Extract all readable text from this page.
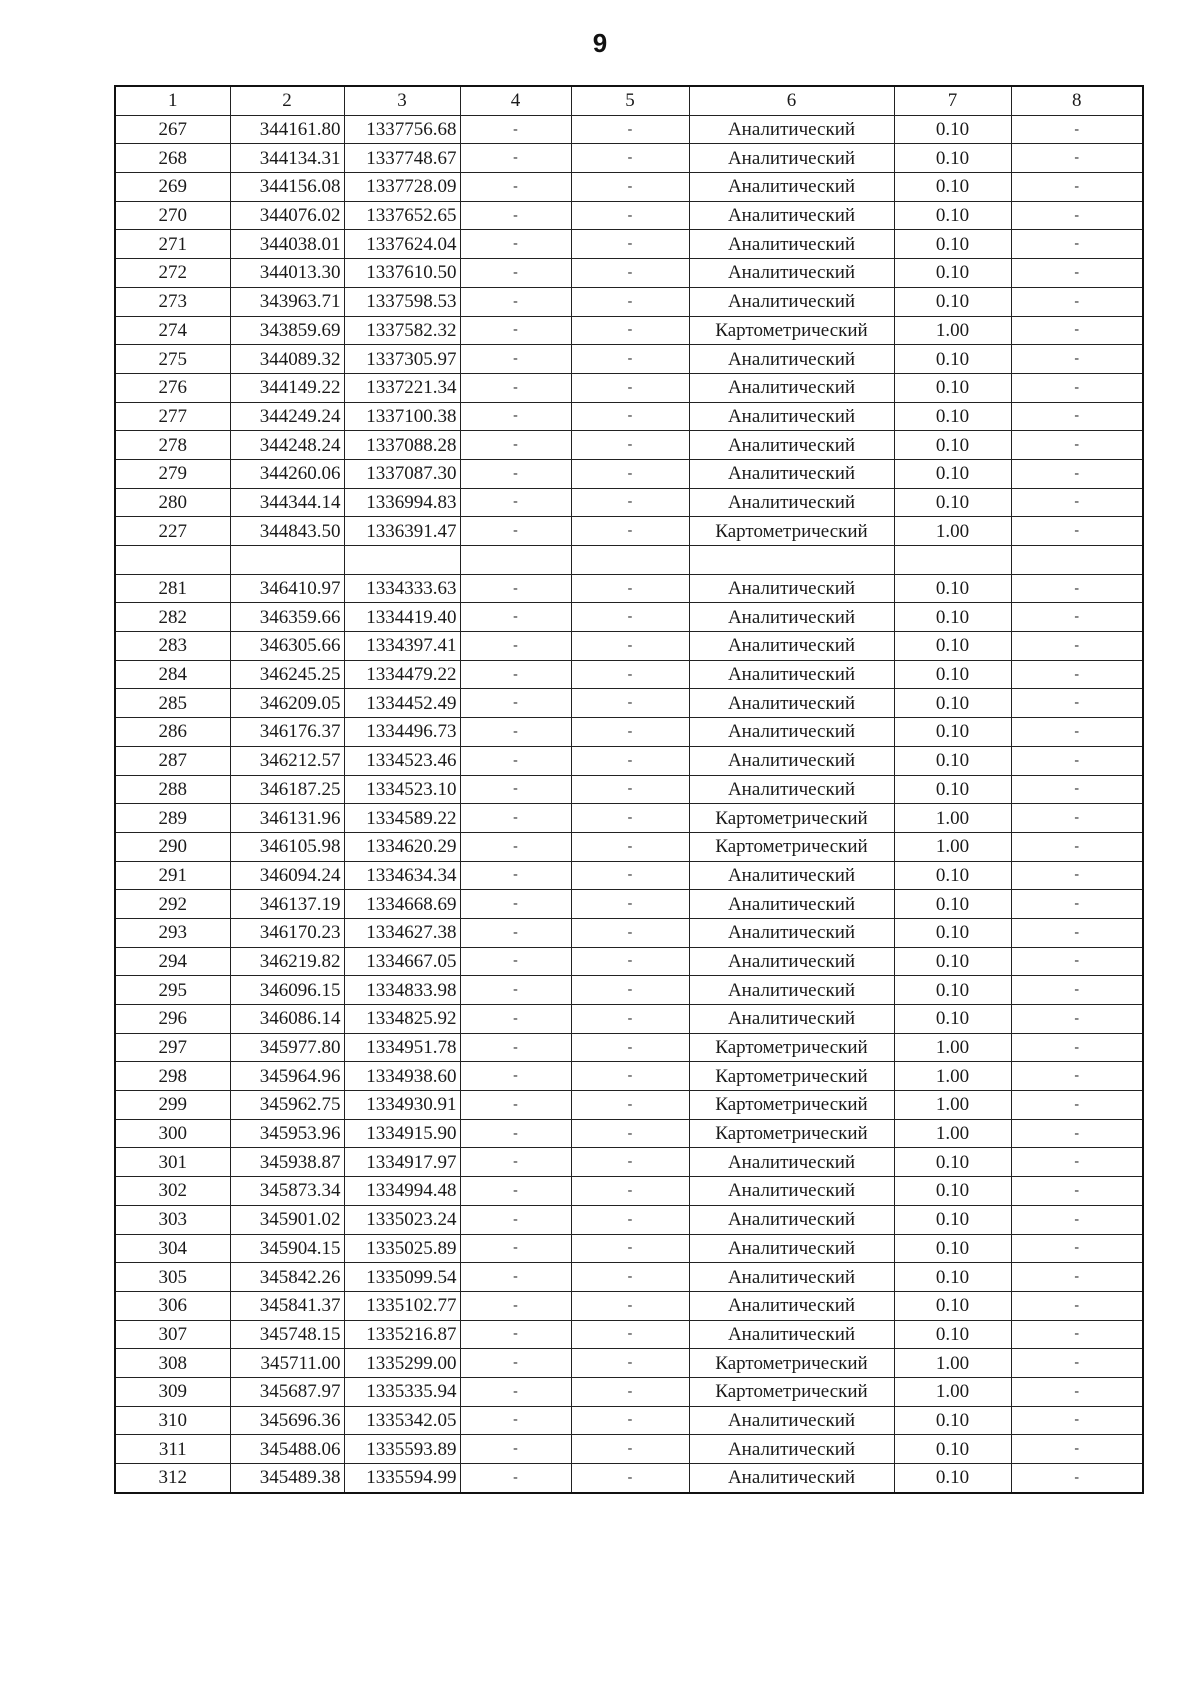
9
1	2	3	4	5	6	7	8
267	344161.80	1337756.68	-	-	Аналитический	0.10	-
268	344134.31	1337748.67	-	-	Аналитический	0.10	-
269	344156.08	1337728.09	-	-	Аналитический	0.10	-
270	344076.02	1337652.65	-	-	Аналитический	0.10	-
271	344038.01	1337624.04	-	-	Аналитический	0.10	-
272	344013.30	1337610.50	-	-	Аналитический	0.10	-
273	343963.71	1337598.53	-	-	Аналитический	0.10	-
274	343859.69	1337582.32	-	-	Картометрический	1.00	-
275	344089.32	1337305.97	-	-	Аналитический	0.10	-
276	344149.22	1337221.34	-	-	Аналитический	0.10	-
277	344249.24	1337100.38	-	-	Аналитический	0.10	-
278	344248.24	1337088.28	-	-	Аналитический	0.10	-
279	344260.06	1337087.30	-	-	Аналитический	0.10	-
280	344344.14	1336994.83	-	-	Аналитический	0.10	-
227	344843.50	1336391.47	-	-	Картометрический	1.00	-

281	346410.97	1334333.63	-	-	Аналитический	0.10	-
282	346359.66	1334419.40	-	-	Аналитический	0.10	-
283	346305.66	1334397.41	-	-	Аналитический	0.10	-
284	346245.25	1334479.22	-	-	Аналитический	0.10	-
285	346209.05	1334452.49	-	-	Аналитический	0.10	-
286	346176.37	1334496.73	-	-	Аналитический	0.10	-
287	346212.57	1334523.46	-	-	Аналитический	0.10	-
288	346187.25	1334523.10	-	-	Аналитический	0.10	-
289	346131.96	1334589.22	-	-	Картометрический	1.00	-
290	346105.98	1334620.29	-	-	Картометрический	1.00	-
291	346094.24	1334634.34	-	-	Аналитический	0.10	-
292	346137.19	1334668.69	-	-	Аналитический	0.10	-
293	346170.23	1334627.38	-	-	Аналитический	0.10	-
294	346219.82	1334667.05	-	-	Аналитический	0.10	-
295	346096.15	1334833.98	-	-	Аналитический	0.10	-
296	346086.14	1334825.92	-	-	Аналитический	0.10	-
297	345977.80	1334951.78	-	-	Картометрический	1.00	-
298	345964.96	1334938.60	-	-	Картометрический	1.00	-
299	345962.75	1334930.91	-	-	Картометрический	1.00	-
300	345953.96	1334915.90	-	-	Картометрический	1.00	-
301	345938.87	1334917.97	-	-	Аналитический	0.10	-
302	345873.34	1334994.48	-	-	Аналитический	0.10	-
303	345901.02	1335023.24	-	-	Аналитический	0.10	-
304	345904.15	1335025.89	-	-	Аналитический	0.10	-
305	345842.26	1335099.54	-	-	Аналитический	0.10	-
306	345841.37	1335102.77	-	-	Аналитический	0.10	-
307	345748.15	1335216.87	-	-	Аналитический	0.10	-
308	345711.00	1335299.00	-	-	Картометрический	1.00	-
309	345687.97	1335335.94	-	-	Картометрический	1.00	-
310	345696.36	1335342.05	-	-	Аналитический	0.10	-
311	345488.06	1335593.89	-	-	Аналитический	0.10	-
312	345489.38	1335594.99	-	-	Аналитический	0.10	-
